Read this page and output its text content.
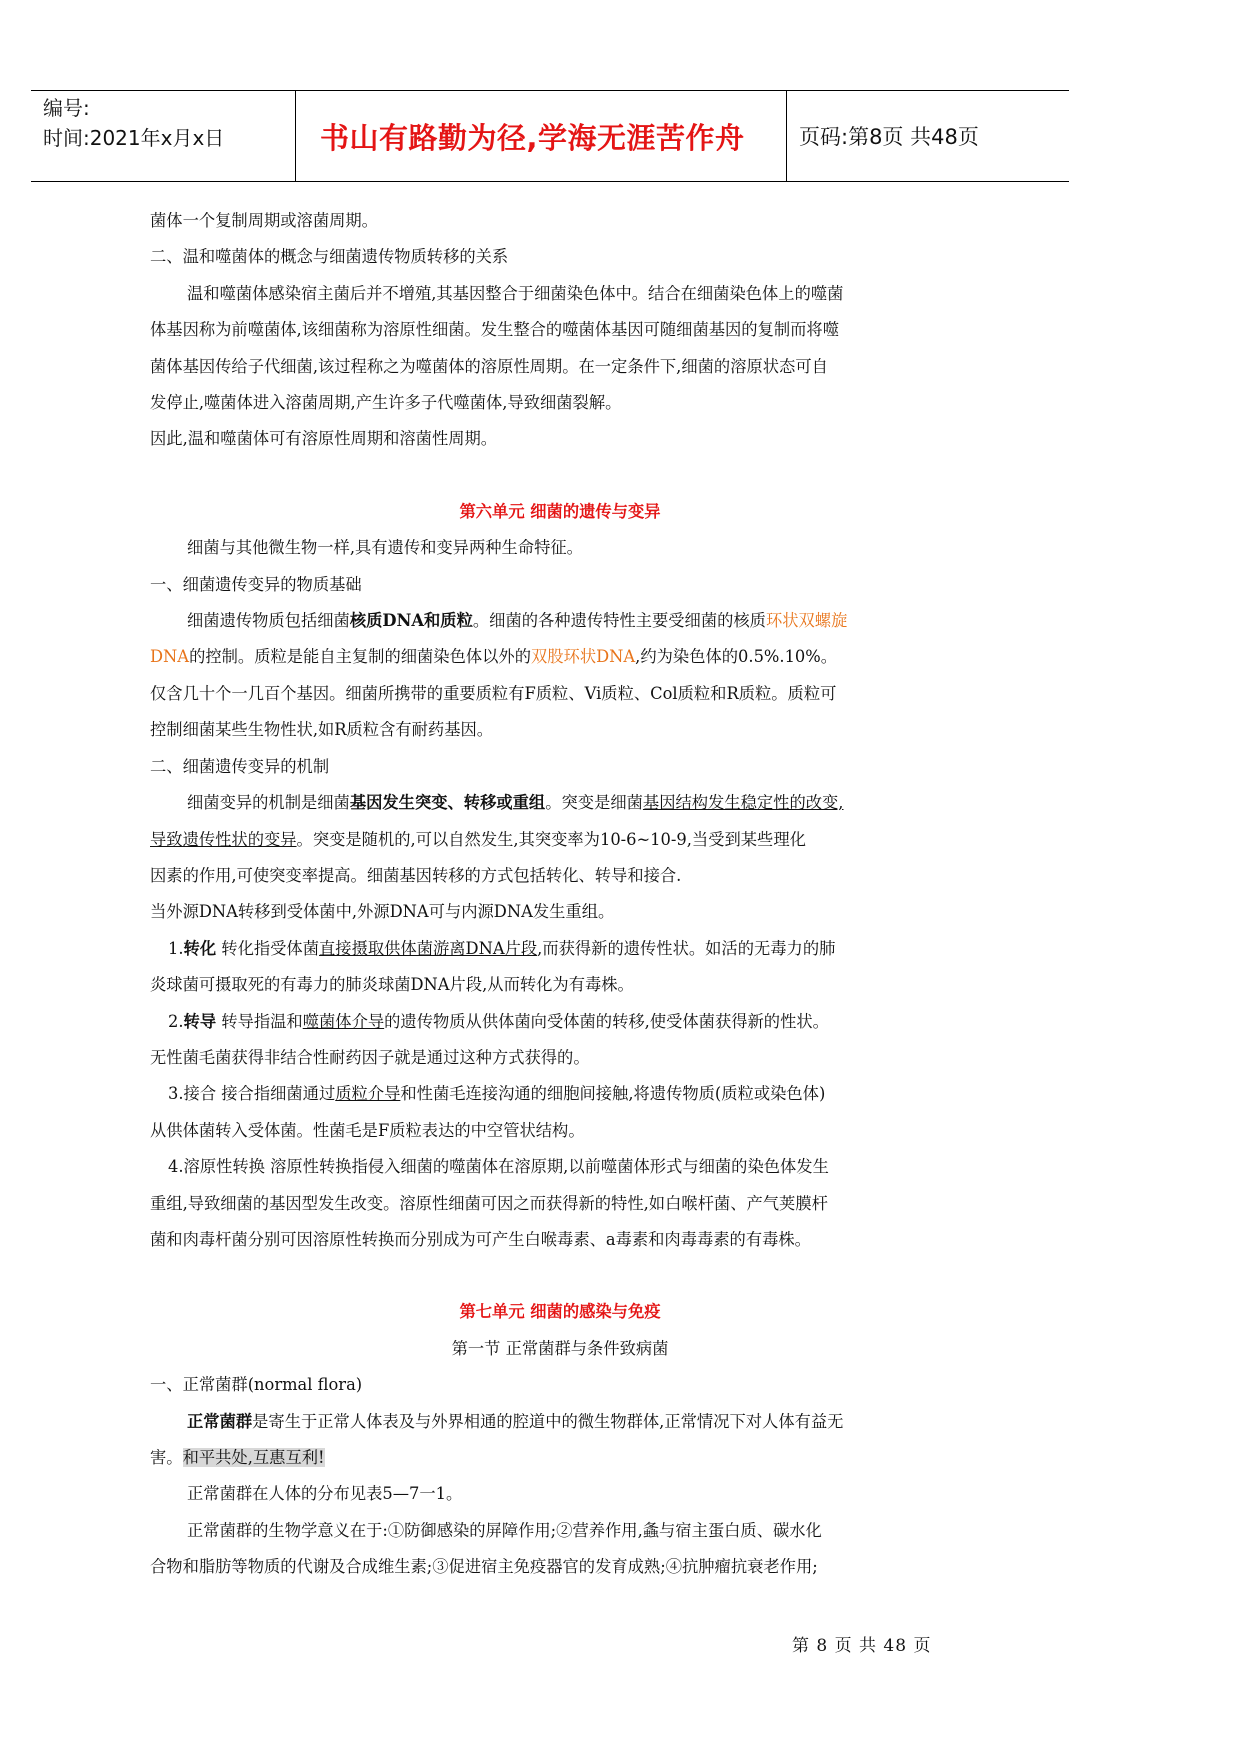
编号:
时间:2021年x月x日	书山有路勤为径,学海无涯苦作舟	页码:第8页 共48页

菌体一个复制周期或溶菌周期。

二、温和噬菌体的概念与细菌遗传物质转移的关系

温和噬菌体感染宿主菌后并不增殖,其基因整合于细菌染色体中。结合在细菌染色体上的噬菌

体基因称为前噬菌体,该细菌称为溶原性细菌。发生整合的噬菌体基因可随细菌基因的复制而将噬

菌体基因传给子代细菌,该过程称之为噬菌体的溶原性周期。在一定条件下,细菌的溶原状态可自

发停止,噬菌体进入溶菌周期,产生许多子代噬菌体,导致细菌裂解。

因此,温和噬菌体可有溶原性周期和溶菌性周期。

第六单元 细菌的遗传与变异

细菌与其他微生物一样,具有遗传和变异两种生命特征。

一、细菌遗传变异的物质基础

细菌遗传物质包括细菌核质DNA和质粒。细菌的各种遗传特性主要受细菌的核质环状双螺旋

DNA的控制。质粒是能自主复制的细菌染色体以外的双股环状DNA,约为染色体的0.5%.10%。

仅含几十个一几百个基因。细菌所携带的重要质粒有F质粒、Vi质粒、Col质粒和R质粒。质粒可

控制细菌某些生物性状,如R质粒含有耐药基因。

二、细菌遗传变异的机制

细菌变异的机制是细菌基因发生突变、转移或重组。突变是细菌基因结构发生稳定性的改变,

导致遗传性状的变异。突变是随机的,可以自然发生,其突变率为10-6~10-9,当受到某些理化

因素的作用,可使突变率提高。细菌基因转移的方式包括转化、转导和接合.

当外源DNA转移到受体菌中,外源DNA可与内源DNA发生重组。

1.转化 转化指受体菌直接摄取供体菌游离DNA片段,而获得新的遗传性状。如活的无毒力的肺

炎球菌可摄取死的有毒力的肺炎球菌DNA片段,从而转化为有毒株。

2.转导 转导指温和噬菌体介导的遗传物质从供体菌向受体菌的转移,使受体菌获得新的性状。

无性菌毛菌获得非结合性耐药因子就是通过这种方式获得的。

3.接合 接合指细菌通过质粒介导和性菌毛连接沟通的细胞间接触,将遗传物质(质粒或染色体)

从供体菌转入受体菌。性菌毛是F质粒表达的中空管状结构。

4.溶原性转换 溶原性转换指侵入细菌的噬菌体在溶原期,以前噬菌体形式与细菌的染色体发生

重组,导致细菌的基因型发生改变。溶原性细菌可因之而获得新的特性,如白喉杆菌、产气荚膜杆

菌和肉毒杆菌分别可因溶原性转换而分别成为可产生白喉毒素、a毒素和肉毒毒素的有毒株。

第七单元 细菌的感染与免疫

第一节 正常菌群与条件致病菌

一、正常菌群(normal flora)

正常菌群是寄生于正常人体表及与外界相通的腔道中的微生物群体,正常情况下对人体有益无

害。和平共处,互惠互利!

正常菌群在人体的分布见表5—7一1。

正常菌群的生物学意义在于:①防御感染的屏障作用;②营养作用,螽与宿主蛋白质、碳水化

合物和脂肪等物质的代谢及合成维生素;③促进宿主免疫器官的发育成熟;④抗肿瘤抗衰老作用;

第 8 页 共 48 页
